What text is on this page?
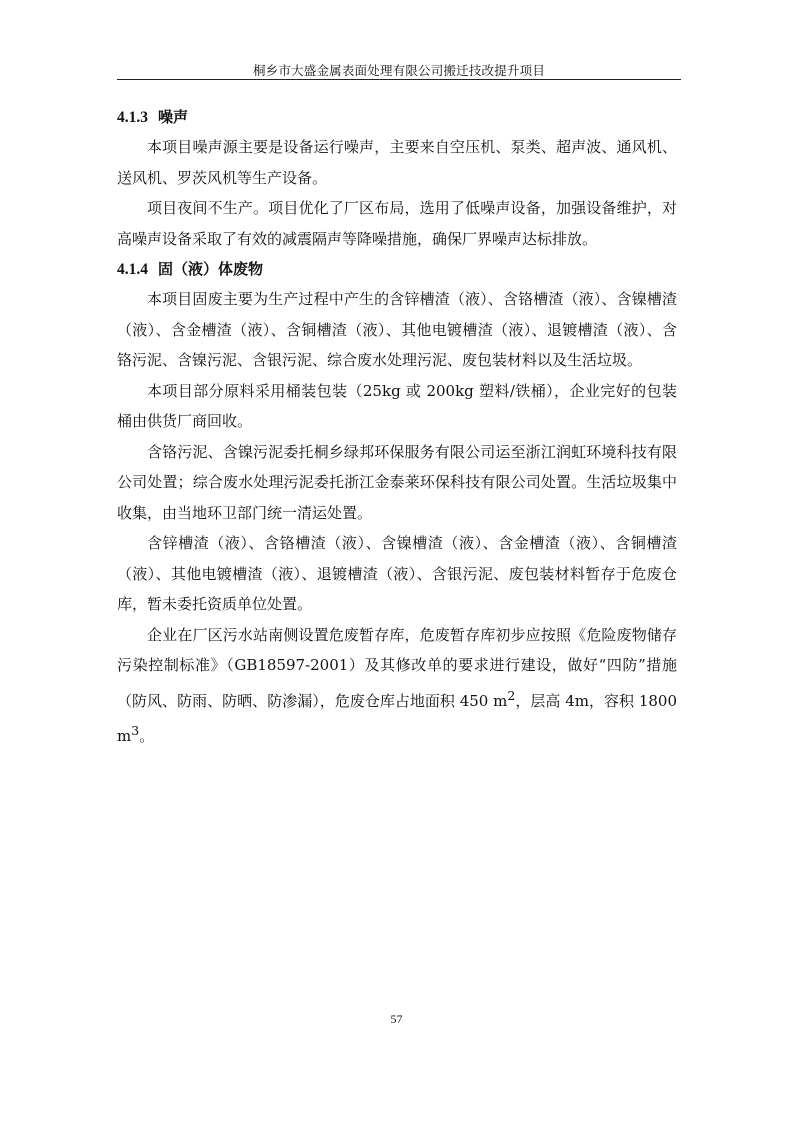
桐乡市大盛金属表面处理有限公司搬迁技改提升项目
4.1.3 噪声

本项目噪声源主要是设备运行噪声，主要来自空压机、泵类、超声波、通风机、送风机、罗茨风机等生产设备。

项目夜间不生产。项目优化了厂区布局，选用了低噪声设备，加强设备维护，对高噪声设备采取了有效的减震隔声等降噪措施，确保厂界噪声达标排放。

4.1.4 固（液）体废物

本项目固废主要为生产过程中产生的含锌槽渣（液）、含铬槽渣（液）、含镍槽渣（液）、含金槽渣（液）、含铜槽渣（液）、其他电镀槽渣（液）、退镀槽渣（液）、含铬污泥、含镍污泥、含银污泥、综合废水处理污泥、废包装材料以及生活垃圾。

本项目部分原料采用桶装包装（25kg 或 200kg 塑料/铁桶），企业完好的包装桶由供货厂商回收。

含铬污泥、含镍污泥委托桐乡绿邦环保服务有限公司运至浙江润虹环境科技有限公司处置；综合废水处理污泥委托浙江金泰莱环保科技有限公司处置。生活垃圾集中收集，由当地环卫部门统一清运处置。

含锌槽渣（液）、含铬槽渣（液）、含镍槽渣（液）、含金槽渣（液）、含铜槽渣（液）、其他电镀槽渣（液）、退镀槽渣（液）、含银污泥、废包装材料暂存于危废仓库，暂未委托资质单位处置。

企业在厂区污水站南侧设置危废暂存库，危废暂存库初步应按照《危险废物储存污染控制标准》（GB18597-2001）及其修改单的要求进行建设，做好“四防”措施（防风、防雨、防晒、防渗漏），危废仓库占地面积 450 $m^2$，层高 4m，容积 $1800m^3$。

57
